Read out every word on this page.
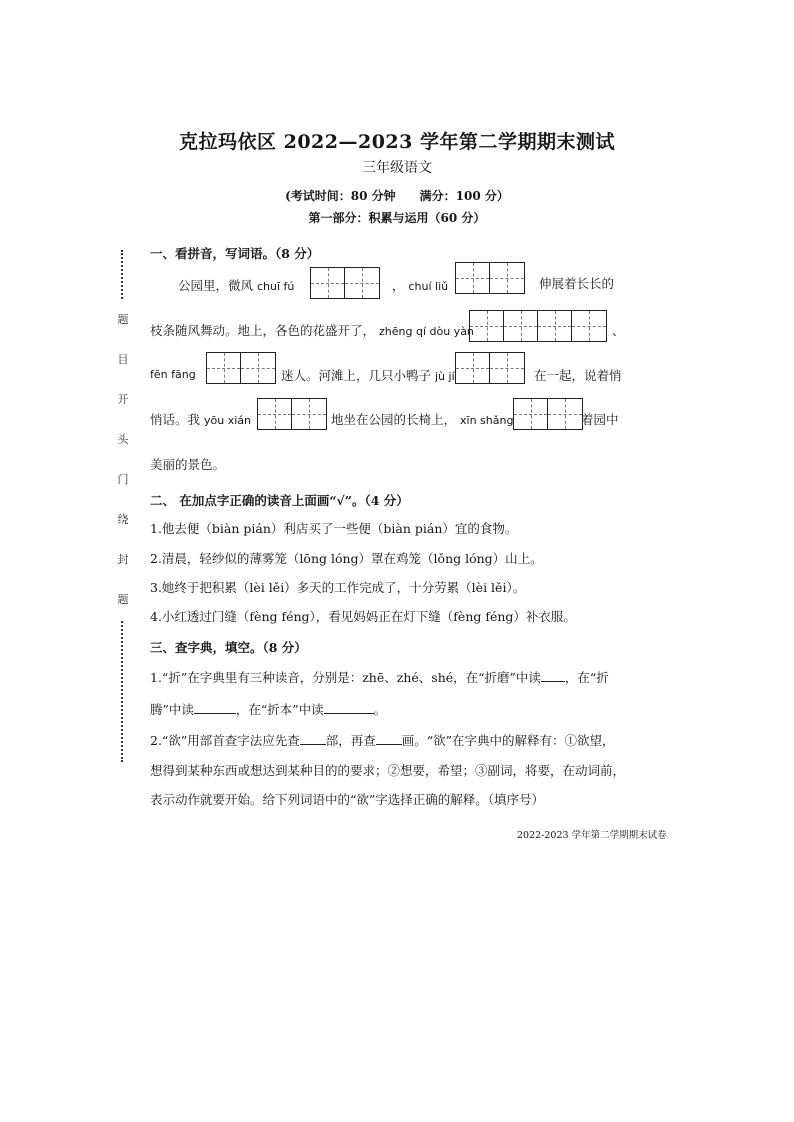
题
目
开
头
门
绕
封
题
克拉玛依区 2022—2023 学年第二学期期末测试
三年级语文
(考试时间：80 分钟 满分：100 分）
第一部分：积累与运用（60 分）
一、看拼音，写词语。（8 分）
公园里，微风 chuī fú	， chuí liǔ	伸展着长长的
枝条随风舞动。地上，各色的花盛开了， zhēng qí dòu yàn	、
fēn fāng	迷人。河滩上，几只小鸭子 jù jí	在一起，说着悄
悄话。我 yōu xián	地坐在公园的长椅上， xīn shǎng	着园中
美丽的景色。
二、 在加点字正确的读音上面画“√”。（4 分）
1.他去便（biàn pián）利店买了一些便（biàn pián）宜的食物。
2.清晨，轻纱似的薄雾笼（lōng lóng）罩在鸡笼（lǒng lóng）山上。
3.她终于把积累（lèi lěi）多天的工作完成了，十分劳累（lèi lěi）。
4.小红透过门缝（fèng féng），看见妈妈正在灯下缝（fèng féng）补衣服。
三、查字典，填空。（8 分）
1.“折”在字典里有三种读音，分别是：zhē、zhé、shé，在“折磨”中读 ，在“折
腾”中读	，在“折本”中读	。
2.“欲”用部首查字法应先查 部，再查 画。“欲”在字典中的解释有：①欲望，
想得到某种东西或想达到某种目的的要求；②想要，希望；③副词，将要，在动词前，
表示动作就要开始。给下列词语中的“欲”字选择正确的解释。（填序号）
2022-2023 学年第二学期期末试卷
